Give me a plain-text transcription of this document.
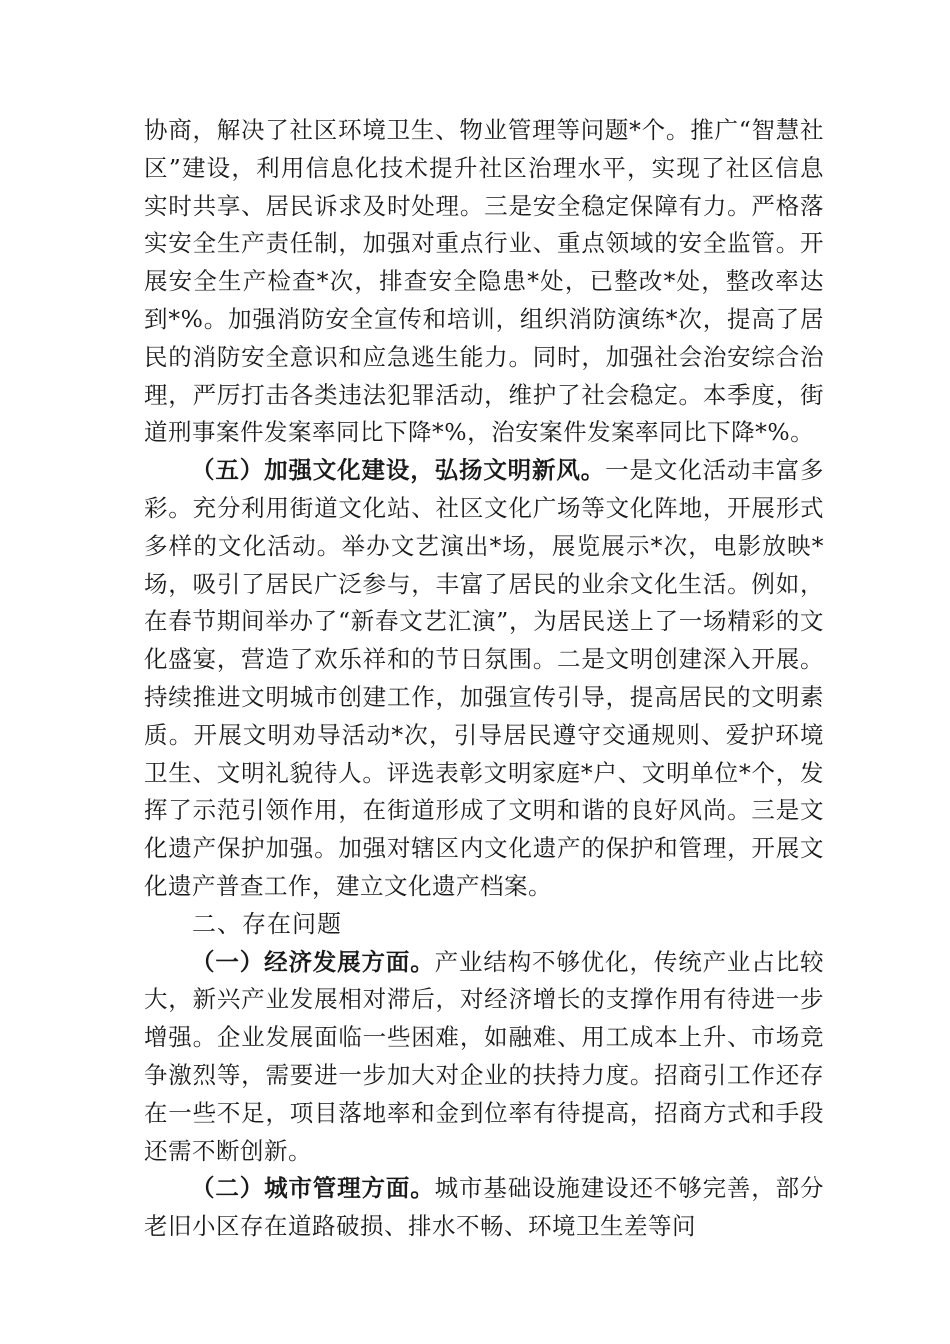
协商，解决了社区环境卫生、物业管理等问题*个。推广“智慧社区”建设，利用信息化技术提升社区治理水平，实现了社区信息实时共享、居民诉求及时处理。三是安全稳定保障有力。严格落实安全生产责任制，加强对重点行业、重点领域的安全监管。开展安全生产检查*次，排查安全隐患*处，已整改*处，整改率达到*%。加强消防安全宣传和培训，组织消防演练*次，提高了居民的消防安全意识和应急逃生能力。同时，加强社会治安综合治理，严厉打击各类违法犯罪活动，维护了社会稳定。本季度，街道刑事案件发案率同比下降*%，治安案件发案率同比下降*%。

（五）加强文化建设，弘扬文明新风。一是文化活动丰富多彩。充分利用街道文化站、社区文化广场等文化阵地，开展形式多样的文化活动。举办文艺演出*场，展览展示*次，电影放映*场，吸引了居民广泛参与，丰富了居民的业余文化生活。例如，在春节期间举办了“新春文艺汇演”，为居民送上了一场精彩的文化盛宴，营造了欢乐祥和的节日氛围。二是文明创建深入开展。持续推进文明城市创建工作，加强宣传引导，提高居民的文明素质。开展文明劝导活动*次，引导居民遵守交通规则、爱护环境卫生、文明礼貌待人。评选表彰文明家庭*户、文明单位*个，发挥了示范引领作用，在街道形成了文明和谐的良好风尚。三是文化遗产保护加强。加强对辖区内文化遗产的保护和管理，开展文化遗产普查工作，建立文化遗产档案。

二、存在问题

（一）经济发展方面。产业结构不够优化，传统产业占比较大，新兴产业发展相对滞后，对经济增长的支撑作用有待进一步增强。企业发展面临一些困难，如融难、用工成本上升、市场竞争激烈等，需要进一步加大对企业的扶持力度。招商引工作还存在一些不足，项目落地率和金到位率有待提高，招商方式和手段还需不断创新。

（二）城市管理方面。城市基础设施建设还不够完善，部分老旧小区存在道路破损、排水不畅、环境卫生差等问
